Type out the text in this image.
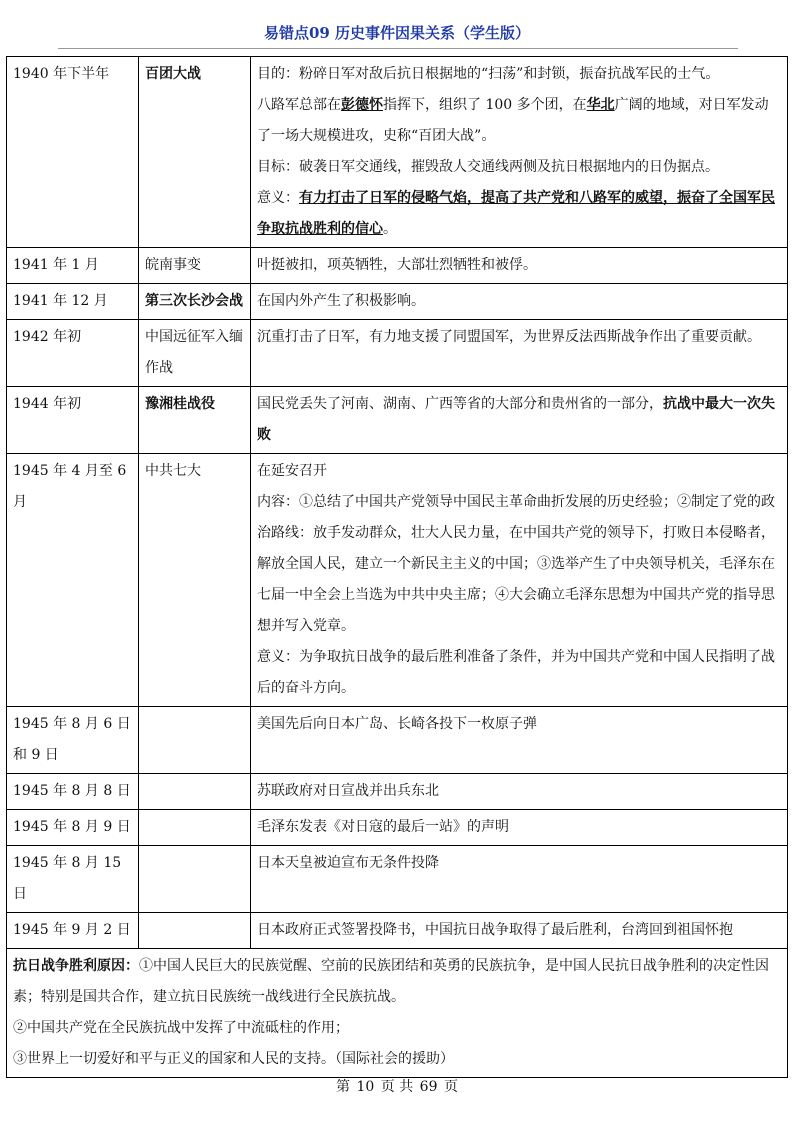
易错点09 历史事件因果关系（学生版）
1940 年下半年	百团大战	目的：粉碎日军对敌后抗日根据地的“扫荡”和封锁，振奋抗战军民的士气。
八路军总部在彭德怀指挥下，组织了 100 多个团，在华北广阔的地域，对日军发动了一场大规模进攻，史称“百团大战”。
目标：破袭日军交通线，摧毁敌人交通线两侧及抗日根据地内的日伪据点。
意义：有力打击了日军的侵略气焰，提高了共产党和八路军的威望，振奋了全国军民争取抗战胜利的信心。

1941 年 1 月	皖南事变	叶挺被扣，项英牺牲，大部壮烈牺牲和被俘。
1941 年 12 月	第三次长沙会战	在国内外产生了积极影响。
1942 年初	中国远征军入缅作战	沉重打击了日军，有力地支援了同盟国军，为世界反法西斯战争作出了重要贡献。
1944 年初	豫湘桂战役	国民党丢失了河南、湖南、广西等省的大部分和贵州省的一部分，抗战中最大一次失败
1945 年 4 月至 6 月	中共七大	在延安召开
内容：①总结了中国共产党领导中国民主革命曲折发展的历史经验；②制定了党的政治路线：放手发动群众，壮大人民力量，在中国共产党的领导下，打败日本侵略者，解放全国人民，建立一个新民主主义的中国；③选举产生了中央领导机关，毛泽东在七届一中全会上当选为中共中央主席；④大会确立毛泽东思想为中国共产党的指导思想并写入党章。
意义：为争取抗日战争的最后胜利准备了条件，并为中国共产党和中国人民指明了战后的奋斗方向。

1945 年 8 月 6 日和 9 日		美国先后向日本广岛、长崎各投下一枚原子弹
1945 年 8 月 8 日		苏联政府对日宣战并出兵东北
1945 年 8 月 9 日		毛泽东发表《对日寇的最后一站》的声明
1945 年 8 月 15 日		日本天皇被迫宣布无条件投降
1945 年 9 月 2 日		日本政府正式签署投降书，中国抗日战争取得了最后胜利，台湾回到祖国怀抱

抗日战争胜利原因：①中国人民巨大的民族觉醒、空前的民族团结和英勇的民族抗争，是中国人民抗日战争胜利的决定性因素；特别是国共合作，建立抗日民族统一战线进行全民族抗战。
②中国共产党在全民族抗战中发挥了中流砥柱的作用；
③世界上一切爱好和平与正义的国家和人民的支持。（国际社会的援助）		
第 10 页 共 69 页
